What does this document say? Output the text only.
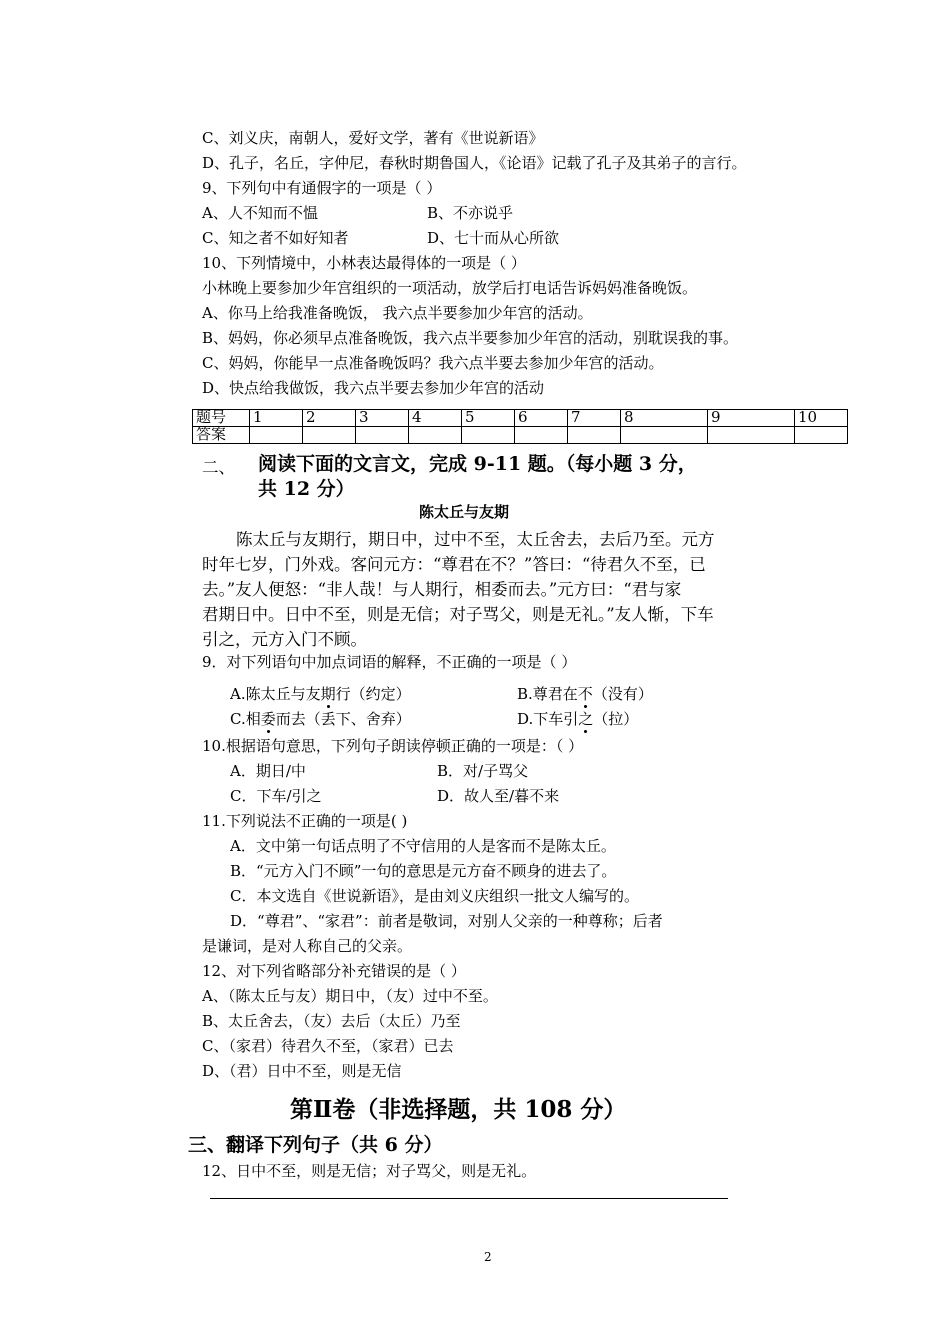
C、刘义庆，南朝人，爱好文学，著有《世说新语》
D、孔子，名丘，字仲尼，春秋时期鲁国人，《论语》记载了孔子及其弟子的言行。
9、下列句中有通假字的一项是（ ）
A、人不知而不愠	B、不亦说乎
C、知之者不如好知者	D、七十而从心所欲
10、下列情境中，小林表达最得体的一项是（ ）
小林晚上要参加少年宫组织的一项活动，放学后打电话告诉妈妈准备晚饭。
A、你马上给我准备晚饭， 我六点半要参加少年宫的活动。
B、妈妈，你必须早点准备晚饭，我六点半要参加少年宫的活动，别耽误我的事。
C、妈妈，你能早一点准备晚饭吗？我六点半要去参加少年宫的活动。
D、快点给我做饭，我六点半要去参加少年宫的活动
题号	1	2	3	4	5	6	7	8	9	10
答案										
二、 阅读下面的文言文，完成 9-11 题。（每小题 3 分，
共 12 分）
陈太丘与友期
陈太丘与友期行，期日中，过中不至，太丘舍去，去后乃至。元方
时年七岁，门外戏。客问元方：“尊君在不？”答曰：“待君久不至，已
去。”友人便怒：“非人哉！与人期行，相委而去。”元方曰：“君与家
君期日中。日中不至，则是无信；对子骂父，则是无礼。”友人惭，下车
引之，元方入门不顾。
9．对下列语句中加点词语的解释，不正确的一项是（ ）
A.陈太丘与友期行（约定）	B.尊君在不（没有）
C.相委而去（丢下、舍弃）	D.下车引之（拉）
10.根据语句意思，下列句子朗读停顿正确的一项是：（ ）
A．期日/中	B．对/子骂父
C．下车/引之	D．故人至/暮不来
11.下列说法不正确的一项是( )
A．文中第一句话点明了不守信用的人是客而不是陈太丘。
B．“元方入门不顾”一句的意思是元方奋不顾身的进去了。
C．本文选自《世说新语》，是由刘义庆组织一批文人编写的。
D．“尊君”、“家君”：前者是敬词，对别人父亲的一种尊称；后者
是谦词，是对人称自己的父亲。
12、对下列省略部分补充错误的是（ ）
A、（陈太丘与友）期日中，（友）过中不至。
B、太丘舍去，（友）去后（太丘）乃至
C、（家君）待君久不至，（家君）已去
D、（君）日中不至，则是无信
第Ⅱ卷（非选择题，共 108 分）
三、翻译下列句子（共 6 分）
12、日中不至，则是无信；对子骂父，则是无礼。
2
